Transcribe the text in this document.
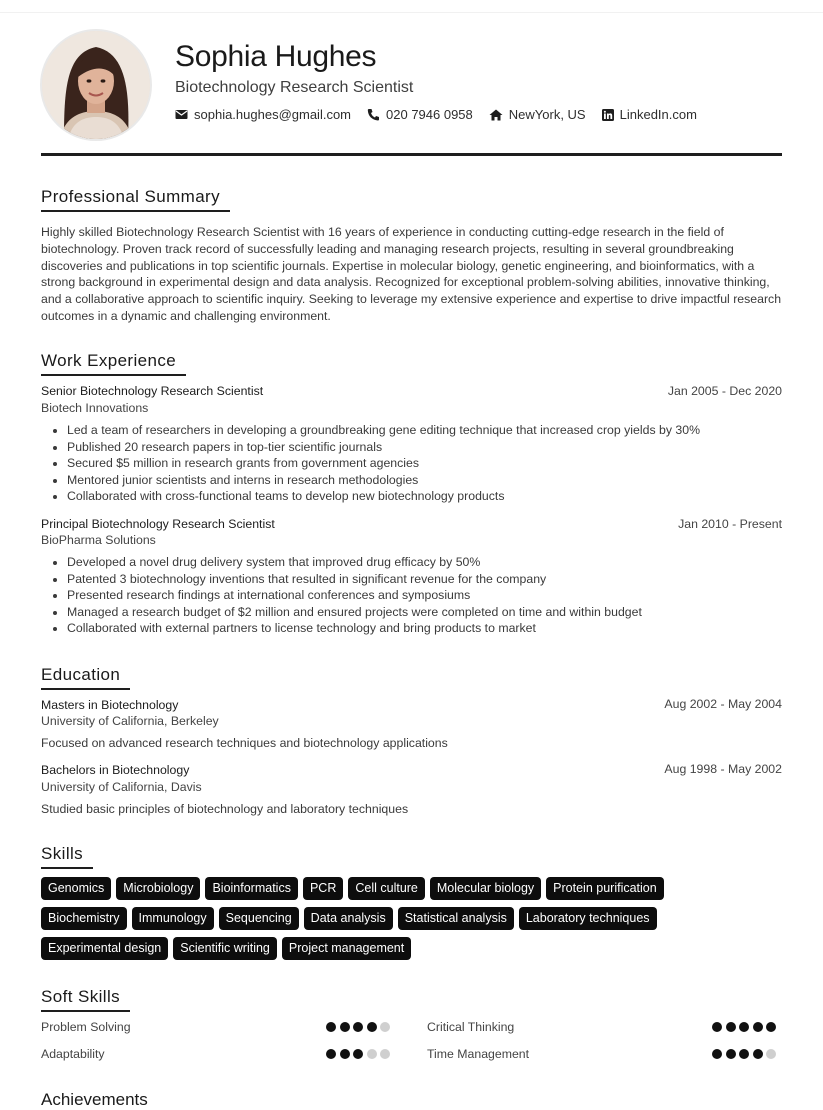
Sophia Hughes
Biotechnology Research Scientist
sophia.hughes@gmail.com	020 7946 0958	NewYork, US	LinkedIn.com
Professional Summary
Highly skilled Biotechnology Research Scientist with 16 years of experience in conducting cutting-edge research in the field of biotechnology. Proven track record of successfully leading and managing research projects, resulting in several groundbreaking discoveries and publications in top scientific journals. Expertise in molecular biology, genetic engineering, and bioinformatics, with a strong background in experimental design and data analysis. Recognized for exceptional problem-solving abilities, innovative thinking, and a collaborative approach to scientific inquiry. Seeking to leverage my extensive experience and expertise to drive impactful research outcomes in a dynamic and challenging environment.
Work Experience
Senior Biotechnology Research Scientist	Jan 2005 - Dec 2020
Biotech Innovations
• Led a team of researchers in developing a groundbreaking gene editing technique that increased crop yields by 30%
• Published 20 research papers in top-tier scientific journals
• Secured $5 million in research grants from government agencies
• Mentored junior scientists and interns in research methodologies
• Collaborated with cross-functional teams to develop new biotechnology products
Principal Biotechnology Research Scientist	Jan 2010 - Present
BioPharma Solutions
• Developed a novel drug delivery system that improved drug efficacy by 50%
• Patented 3 biotechnology inventions that resulted in significant revenue for the company
• Presented research findings at international conferences and symposiums
• Managed a research budget of $2 million and ensured projects were completed on time and within budget
• Collaborated with external partners to license technology and bring products to market
Education
Masters in Biotechnology	Aug 2002 - May 2004
University of California, Berkeley
Focused on advanced research techniques and biotechnology applications
Bachelors in Biotechnology	Aug 1998 - May 2002
University of California, Davis
Studied basic principles of biotechnology and laboratory techniques
Skills
Genomics	Microbiology	Bioinformatics	PCR	Cell culture	Molecular biology	Protein purification
Biochemistry	Immunology	Sequencing	Data analysis	Statistical analysis	Laboratory techniques
Experimental design	Scientific writing	Project management
Soft Skills
Problem Solving	Critical Thinking
Adaptability	Time Management
Achievements
